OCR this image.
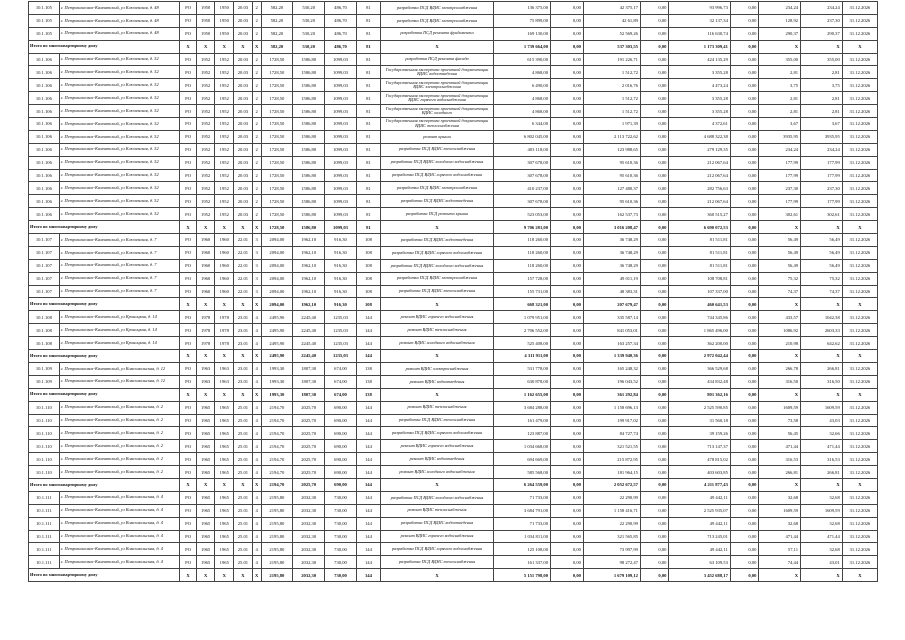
10.1.105	г. Петропавловск-Камчатский, ул Ключевская, д. 48	РО	1950	1950	20.03	2	582,20	530,20	486,70	81	разработка ПСД ВДИС электроснабжения	136 375,00	0,00	42 375,17	0,00	93 996,73	0,00	234,24	234,24	31.12.2026
10.1.105	г. Петропавловск-Камчатский, ул Ключевская, д. 48	РО	1950	1950	20.03	2	582,20	530,20	486,70	81	разработка ПСД ВДИС электроснабжения	75 899,00	0,00	42 61,89	0,00	32 137,34	0,00	128,92	237,30	31.12.2026
10.1.105	г. Петропавловск-Камчатский, ул Ключевская, д. 48	РО	1950	1950	20.03	2	582,20	530,20	486,70	81	разработка ПСД ремонта фундамента	169 130,00	0,00	52 569,26	0,00	116 630,74	0,00	290,37	290,37	31.12.2026
Итого по многоквартирному дому		Х	Х	Х	Х	Х	582,20	530,20	486,70	81	Х	1 739 664,00	0,00	537 303,55	0,00	1 173 309,41	0,00	Х	Х	Х
10.1.106	г. Петропавловск-Камчатский, ул Ключевская, д. 52	РО	1952	1952	20.03	2	1728,50	1586,80	1099,03	81	разработка ПСД ремонта фасада	615 390,00	0,00	191 226,71	0,00	424 135,29	0,00	355,00	355,00	31.12.2026
10.1.106	г. Петропавловск-Камчатский, ул Ключевская, д. 52	РО	1952	1952	20.03	2	1728,50	1586,80	1099,03	81	Государственная экспертиза проектной документации ВДИС водоотведения	4 868,00	0,00	1 512,72	0,00	3 355,28	0,00	2,81	2,81	31.12.2026
10.1.106	г. Петропавловск-Камчатский, ул Ключевская, д. 52	РО	1952	1952	20.03	2	1728,50	1586,80	1099,03	81	Государственная экспертиза проектной документации ВДИС электроснабжения	6 490,00	0,00	2 016,76	0,00	4 473,24	0,00	3,75	3,75	31.12.2026
10.1.106	г. Петропавловск-Камчатский, ул Ключевская, д. 52	РО	1952	1952	20.03	2	1728,50	1586,80	1099,03	81	Государственная экспертиза проектной документации ВДИС горячего водоснабжения	4 868,00	0,00	1 512,72	0,00	3 355,28	0,00	2,81	2,81	31.12.2026
10.1.106	г. Петропавловск-Камчатский, ул Ключевская, д. 52	РО	1952	1952	20.03	2	1728,50	1586,80	1099,03	81	Государственная экспертиза проектной документации ВДИС холодного	4 868,00	0,00	1 512,72	0,00	3 355,28	0,00	2,81	2,81	31.12.2026
10.1.106	г. Петропавловск-Камчатский, ул Ключевская, д. 52	РО	1952	1952	20.03	2	1728,50	1586,80	1099,03	81	Государственная экспертиза проектной документации ВДИС теплоснабжения	6 344,00	0,00	1 971,39	0,00	4 372,61	0,00	3,67	3,67	31.12.2026
10.1.106	г. Петропавловск-Камчатский, ул Ключевская, д. 52	РО	1952	1952	20.03	2	1728,50	1586,80	1099,03	81	ремонт крыши	6 802 045,00	0,00	2 113 722,62	0,00	4 688 322,38	0,00	3935,95	3935,95	31.12.2026
10.1.106	г. Петропавловск-Камчатский, ул Ключевская, д. 52	РО	1952	1952	20.03	2	1728,50	1586,80	1099,03	81	разработка ПСД ВДИС теплоснабжения	403 118,00	0,00	123 988,65	0,00	279 129,35	0,00	234,24	234,24	31.12.2026
10.1.106	г. Петропавловск-Камчатский, ул Ключевская, д. 52	РО	1952	1952	20.03	2	1728,50	1586,80	1099,03	81	разработка ПСД ВДИС холодного водоснабжения	307 678,00	0,00	95 610,36	0,00	212 067,64	0,00	177,99	177,99	31.12.2026
10.1.106	г. Петропавловск-Камчатский, ул Ключевская, д. 52	РО	1952	1952	20.03	2	1728,50	1586,80	1099,03	81	разработка ПСД ВДИС горячего водоснабжения	307 678,00	0,00	95 610,36	0,00	212 067,64	0,00	177,99	177,99	31.12.2026
10.1.106	г. Петропавловск-Камчатский, ул Ключевская, д. 52	РО	1952	1952	20.03	2	1728,50	1586,80	1099,03	81	разработка ПСД ВДИС электроснабжения	410 237,00	0,00	127 480,37	0,00	282 756,63	0,00	237,30	237,30	31.12.2026
10.1.106	г. Петропавловск-Камчатский, ул Ключевская, д. 52	РО	1952	1952	20.03	2	1728,50	1586,80	1099,03	81	разработка ПСД ВДИС водоотведения	307 678,00	0,00	95 610,36	0,00	212 067,64	0,00	177,99	177,99	31.12.2026
10.1.106	г. Петропавловск-Камчатский, ул Ключевская, д. 52	РО	1952	1952	20.03	2	1728,50	1586,80	1099,03	81	разработка ПСД ремонта крыши	523 053,00	0,00	162 537,73	0,00	360 515,27	0,00	302,61	302,61	31.12.2026
Итого по многоквартирному дому		Х	Х	Х	Х	Х	1728,50	1586,80	1099,03	81	Х	9 706 281,00	0,00	3 016 208,47	0,00	6 690 072,53	0,00	Х	Х	Х
10.1.107	г. Петропавловск-Камчатский, ул Ключевская, д. 7	РО	1960	1960	22.01	3	2094,00	1962,10	916,30	108	разработка ПСД ВДИС водоотведения	118 260,00	0,00	36 748,29	0,00	81 511,81	0,00	56,49	56,49	31.12.2026
10.1.107	г. Петропавловск-Камчатский, ул Ключевская, д. 7	РО	1960	1960	22.01	3	2094,00	1962,10	916,30	108	разработка ПСД ВДИС горячего водоснабжения	118 260,00	0,00	36 748,29	0,00	81 511,81	0,00	56,49	56,49	31.12.2026
10.1.107	г. Петропавловск-Камчатский, ул Ключевская, д. 7	РО	1960	1960	22.01	3	2094,00	1962,10	916,30	108	разработка ПСД ВДИС холодного водоснабжения	118 260,00	0,00	36 748,29	0,00	81 511,81	0,00	56,49	56,49	31.12.2026
10.1.107	г. Петропавловск-Камчатский, ул Ключевская, д. 7	РО	1960	1960	22.01	3	2094,00	1962,10	916,30	108	разработка ПСД ВДИС электроснабжения	157 728,00	0,00	49 011,19	0,00	108 708,81	0,00	75,32	75,32	31.12.2026
10.1.107	г. Петропавловск-Камчатский, ул Ключевская, д. 7	РО	1960	1960	22.01	3	2094,00	1962,10	916,30	108	разработка ПСД ВДИС теплоснабжения	155 731,00	0,00	48 383,31	0,00	107 337,00	0,00	74,37	74,37	31.12.2026
Итого по многоквартирному дому		Х	Х	Х	Х	Х	2094,00	1962,10	916,30	108	Х	668 321,00	0,00	207 679,47	0,00	460 641,53	0,00	Х	Х	Х
10.1.108	г. Петропавловск-Камчатский, ул Кроноцкая, д. 14	РО	1978	1978	23.01	4	2495,90	2245,40	1235,03	144	ремонт ВДИС горячего водоснабжения	1 079 951,00	0,00	335 587,14	0,00	744 345,86	0,00	433,57	1042,38	31.12.2026
10.1.108	г. Петропавловск-Камчатский, ул Кроноцкая, д. 14	РО	1978	1978	23.01	4	2495,90	2245,40	1235,03	144	ремонт ВДИС теплоснабжения	2 706 552,00	0,00	841 053,01	0,00	1 865 496,00	0,00	1086,92	2603,33	31.12.2026
10.1.108	г. Петропавловск-Камчатский, ул Кроноцкая, д. 14	РО	1978	1978	23.01	4	2495,90	2245,40	1235,03	144	ремонт ВДИС холодного водоснабжения	525 408,00	0,00	163 257,34	0,00	362 200,00	0,00	210,98	642,62	31.12.2026
Итого по многоквартирному дому		Х	Х	Х	Х	Х	2495,90	2245,40	1235,03	144	Х	4 311 911,00	0,00	1 339 940,36	0,00	2 972 042,44	0,00	Х	Х	Х
10.1.109	г. Петропавловск-Камчатский, ул Комсомольская, д. 12	РО	1963	1963	23.01	4	1993,30	1807,30	674,00	138	ремонт ВДИС электроснабжения	531 778,00	0,00	165 248,32	0,00	366 529,68	0,00	266,78	266,81	31.12.2026
10.1.109	г. Петропавловск-Камчатский, ул Комсомольская, д. 12	РО	1963	1963	23.01	4	1993,30	1807,30	674,00	138	ремонт ВДИС водоотведения	630 878,00	0,00	196 043,52	0,00	434 832,48	0,00	316,50	316,50	31.12.2026
Итого по многоквартирному дому		Х	Х	Х	Х	Х	1993,30	1807,30	674,00	138	Х	1 162 655,00	0,00	361 292,84	0,00	801 362,16	0,00	Х	Х	Х
10.1.110	г. Петропавловск-Камчатский, ул Комсомольская, д. 2	РО	1965	1965	25.01	4	2194,70	2025,70	690,00	144	ремонт ВДИС теплоснабжения	3 684 288,00	0,00	1 158 696,13	0,00	2 525 590,85	0,00	1609,59	1609,59	31.12.2026
10.1.110	г. Петропавловск-Камчатский, ул Комсомольская, д. 2	РО	1965	1965	25.01	4	2194,70	2025,70	690,00	144	разработка ПСД ВДИС теплоснабжения	161 479,00	0,00	199 917,02	0,00	31 560,18	0,00	73,58	43,03	31.12.2026
10.1.110	г. Петропавловск-Камчатский, ул Комсомольская, д. 2	РО	1965	1965	25.01	4	2194,70	2025,70	690,00	144	разработка ПСД ВДИС горячего водоснабжения	123 887,00	0,00	84 727,74	0,00	39 159,26	0,00	56,45	32,66	31.12.2026
10.1.110	г. Петропавловск-Камчатский, ул Комсомольская, д. 2	РО	1965	1965	25.01	4	2194,70	2025,70	690,00	144	ремонт ВДИС горячего водоснабжения	1 034 668,00	0,00	321 521,55	0,00	713 147,37	0,00	471,44	471,44	31.12.2026
10.1.110	г. Петропавловск-Камчатский, ул Комсомольская, д. 2	РО	1965	1965	25.01	4	2194,70	2025,70	690,00	144	ремонт ВДИС водоотведения	694 669,00	0,00	215 872,95	0,00	478 815,02	0,00	316,53	316,53	31.12.2026
10.1.110	г. Петропавловск-Камчатский, ул Комсомольская, д. 2	РО	1965	1965	25.01	4	2194,70	2025,70	690,00	144	ремонт ВДИС холодного водоснабжения	585 568,00	0,00	181 964,15	0,00	403 603,85	0,00	266,81	266,81	31.12.2026
Итого по многоквартирному дому		Х	Х	Х	Х	Х	2194,70	2025,70	690,00	144	Х	6 264 559,00	0,00	2 052 672,57	0,00	4 211 877,43	0,00	Х	Х	Х
10.1.111	г. Петропавловск-Камчатский, ул Комсомольская, д. 4	РО	1965	1965	25.01	4	2195,80	2032,30	730,00	144	разработка ПСД ВДИС холодного водоснабжения	71 733,00	0,00	22 290,99	0,00	49 442,11	0,00	32,68	32,68	31.12.2026
10.1.111	г. Петропавловск-Камчатский, ул Комсомольская, д. 4	РО	1965	1965	25.01	4	2195,80	2032,30	730,00	144	ремонт ВДИС теплоснабжения	3 684 791,00	0,00	1 158 416,71	0,00	2 525 935,07	0,00	1609,59	1609,59	31.12.2026
10.1.111	г. Петропавловск-Камчатский, ул Комсомольская, д. 4	РО	1965	1965	25.01	4	2195,80	2032,30	730,00	144	разработка ПСД ВДИС водоотведения	71 733,00	0,00	22 290,99	0,00	49 442,11	0,00	32,68	32,68	31.12.2026
10.1.111	г. Петропавловск-Камчатский, ул Комсомольская, д. 4	РО	1965	1965	25.01	4	2195,80	2032,30	730,00	144	ремонт ВДИС горячего водоснабжения	1 034 811,00	0,00	321 565,85	0,00	713 245,01	0,00	471,44	471,44	31.12.2026
10.1.111	г. Петропавловск-Камчатский, ул Комсомольская, д. 4	РО	1965	1965	25.01	4	2195,80	2032,30	730,00	144	разработка ПСД ВДИС горячего водоснабжения	125 108,00	0,00	73 997,99	0,00	49 442,11	0,00	57,11	32,68	31.12.2026
10.1.111	г. Петропавловск-Камчатский, ул Комсомольская, д. 4	РО	1965	1965	25.01	4	2195,80	2032,30	730,00	144	разработка ПСД ВДИС теплоснабжения	161 337,00	0,00	98 272,47	0,00	63 109,53	0,00	74,44	43,01	31.12.2026
Итого по многоквартирному дому		Х	Х	Х	Х	Х	2195,80	2032,30	730,00	144	Х	5 151 798,00	0,00	1 679 109,12	0,00	3 452 688,17	0,00	Х	Х	Х
